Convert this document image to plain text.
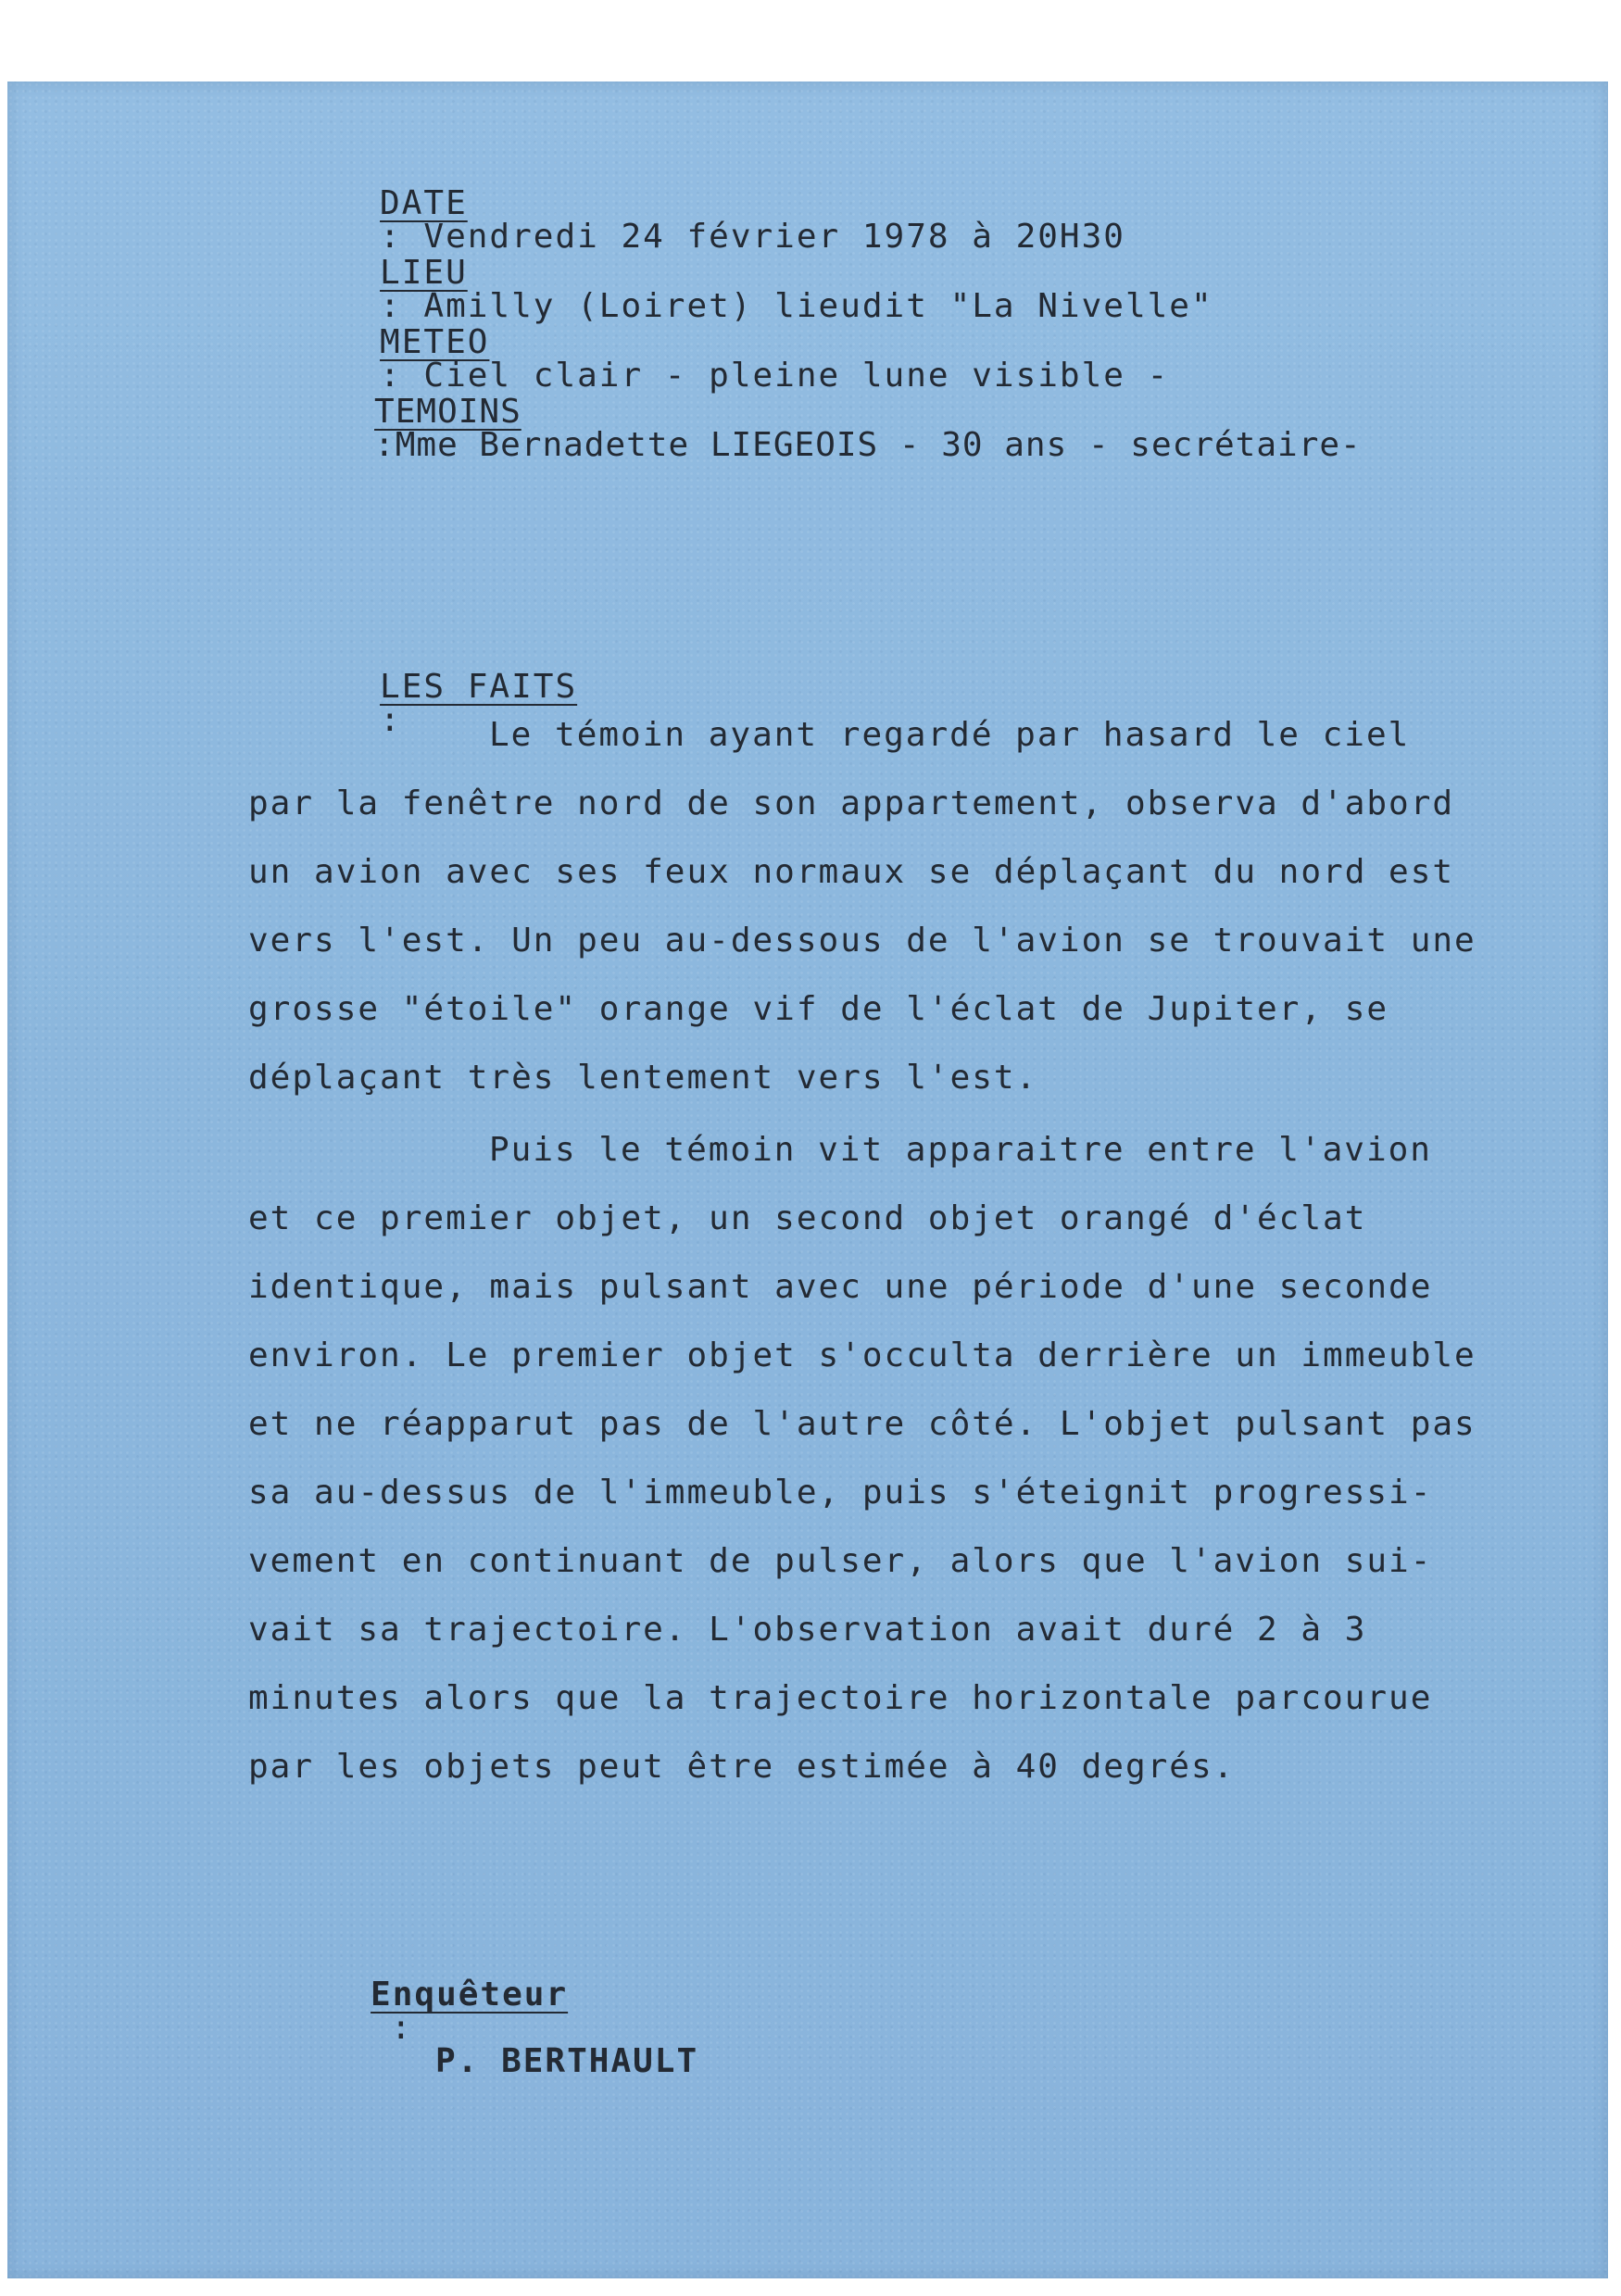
DATE
: Vendredi 24 février 1978 à 20H30

LIEU
: Amilly (Loiret) lieudit "La Nivelle"

METEO
: Ciel clair - pleine lune visible -

TEMOINS
:Mme Bernadette LIEGEOIS - 30 ans - secrétaire-

LES FAITS
:
	Le témoin ayant regardé par hasard le ciel
par la fenêtre nord de son appartement, observa d'abord
un avion avec ses feux normaux se déplaçant du nord est
vers l'est. Un peu au-dessous de l'avion se trouvait une
grosse "étoile" orange vif de l'éclat de Jupiter, se
déplaçant très lentement vers l'est.
Puis le témoin vit apparaitre entre l'avion
et ce premier objet, un second objet orangé d'éclat
identique, mais pulsant avec une période d'une seconde
environ. Le premier objet s'occulta derrière un immeuble
et ne réapparut pas de l'autre côté. L'objet pulsant pas
sa au-dessus de l'immeuble, puis s'éteignit progressi-
vement en continuant de pulser, alors que l'avion sui-
vait sa trajectoire. L'observation avait duré 2 à 3
minutes alors que la trajectoire horizontale parcourue
par les objets peut être estimée à 40 degrés.

Enquêteur
:
P. BERTHAULT
